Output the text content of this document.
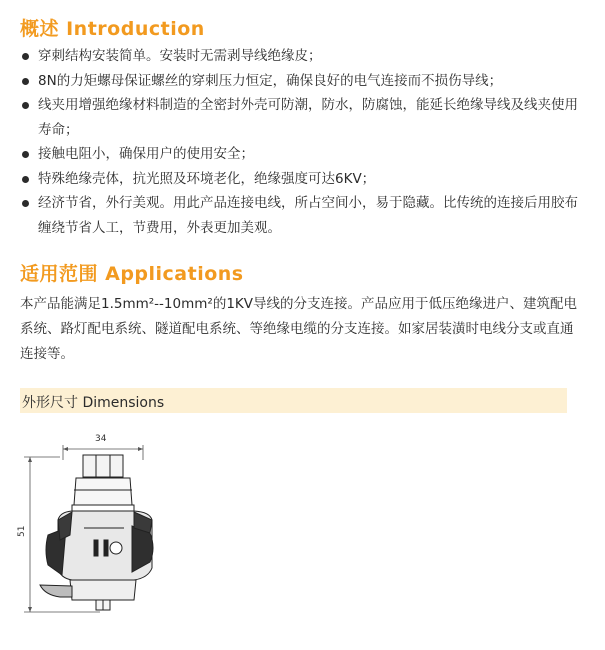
概述 Introduction
穿刺结构安装简单。安装时无需剥导线绝缘皮；
8N的力矩螺母保证螺丝的穿刺压力恒定，确保良好的电气连接而不损伤导线；
线夹用增强绝缘材料制造的全密封外壳可防潮，防水，防腐蚀，能延长绝缘导线及线夹使用寿命；
接触电阻小，确保用户的使用安全；
特殊绝缘壳体，抗光照及环境老化，绝缘强度可达6KV；
经济节省，外行美观。用此产品连接电线，所占空间小，易于隐藏。比传统的连接后用胶布缠绕节省人工，节费用，外表更加美观。
适用范围 Applications
本产品能满足1.5mm²--10mm²的1KV导线的分支连接。产品应用于低压绝缘进户、建筑配电系统、路灯配电系统、隧道配电系统、等绝缘电缆的分支连接。如家居装潢时电线分支或直通连接等。
外形尺寸 Dimensions
34
51
